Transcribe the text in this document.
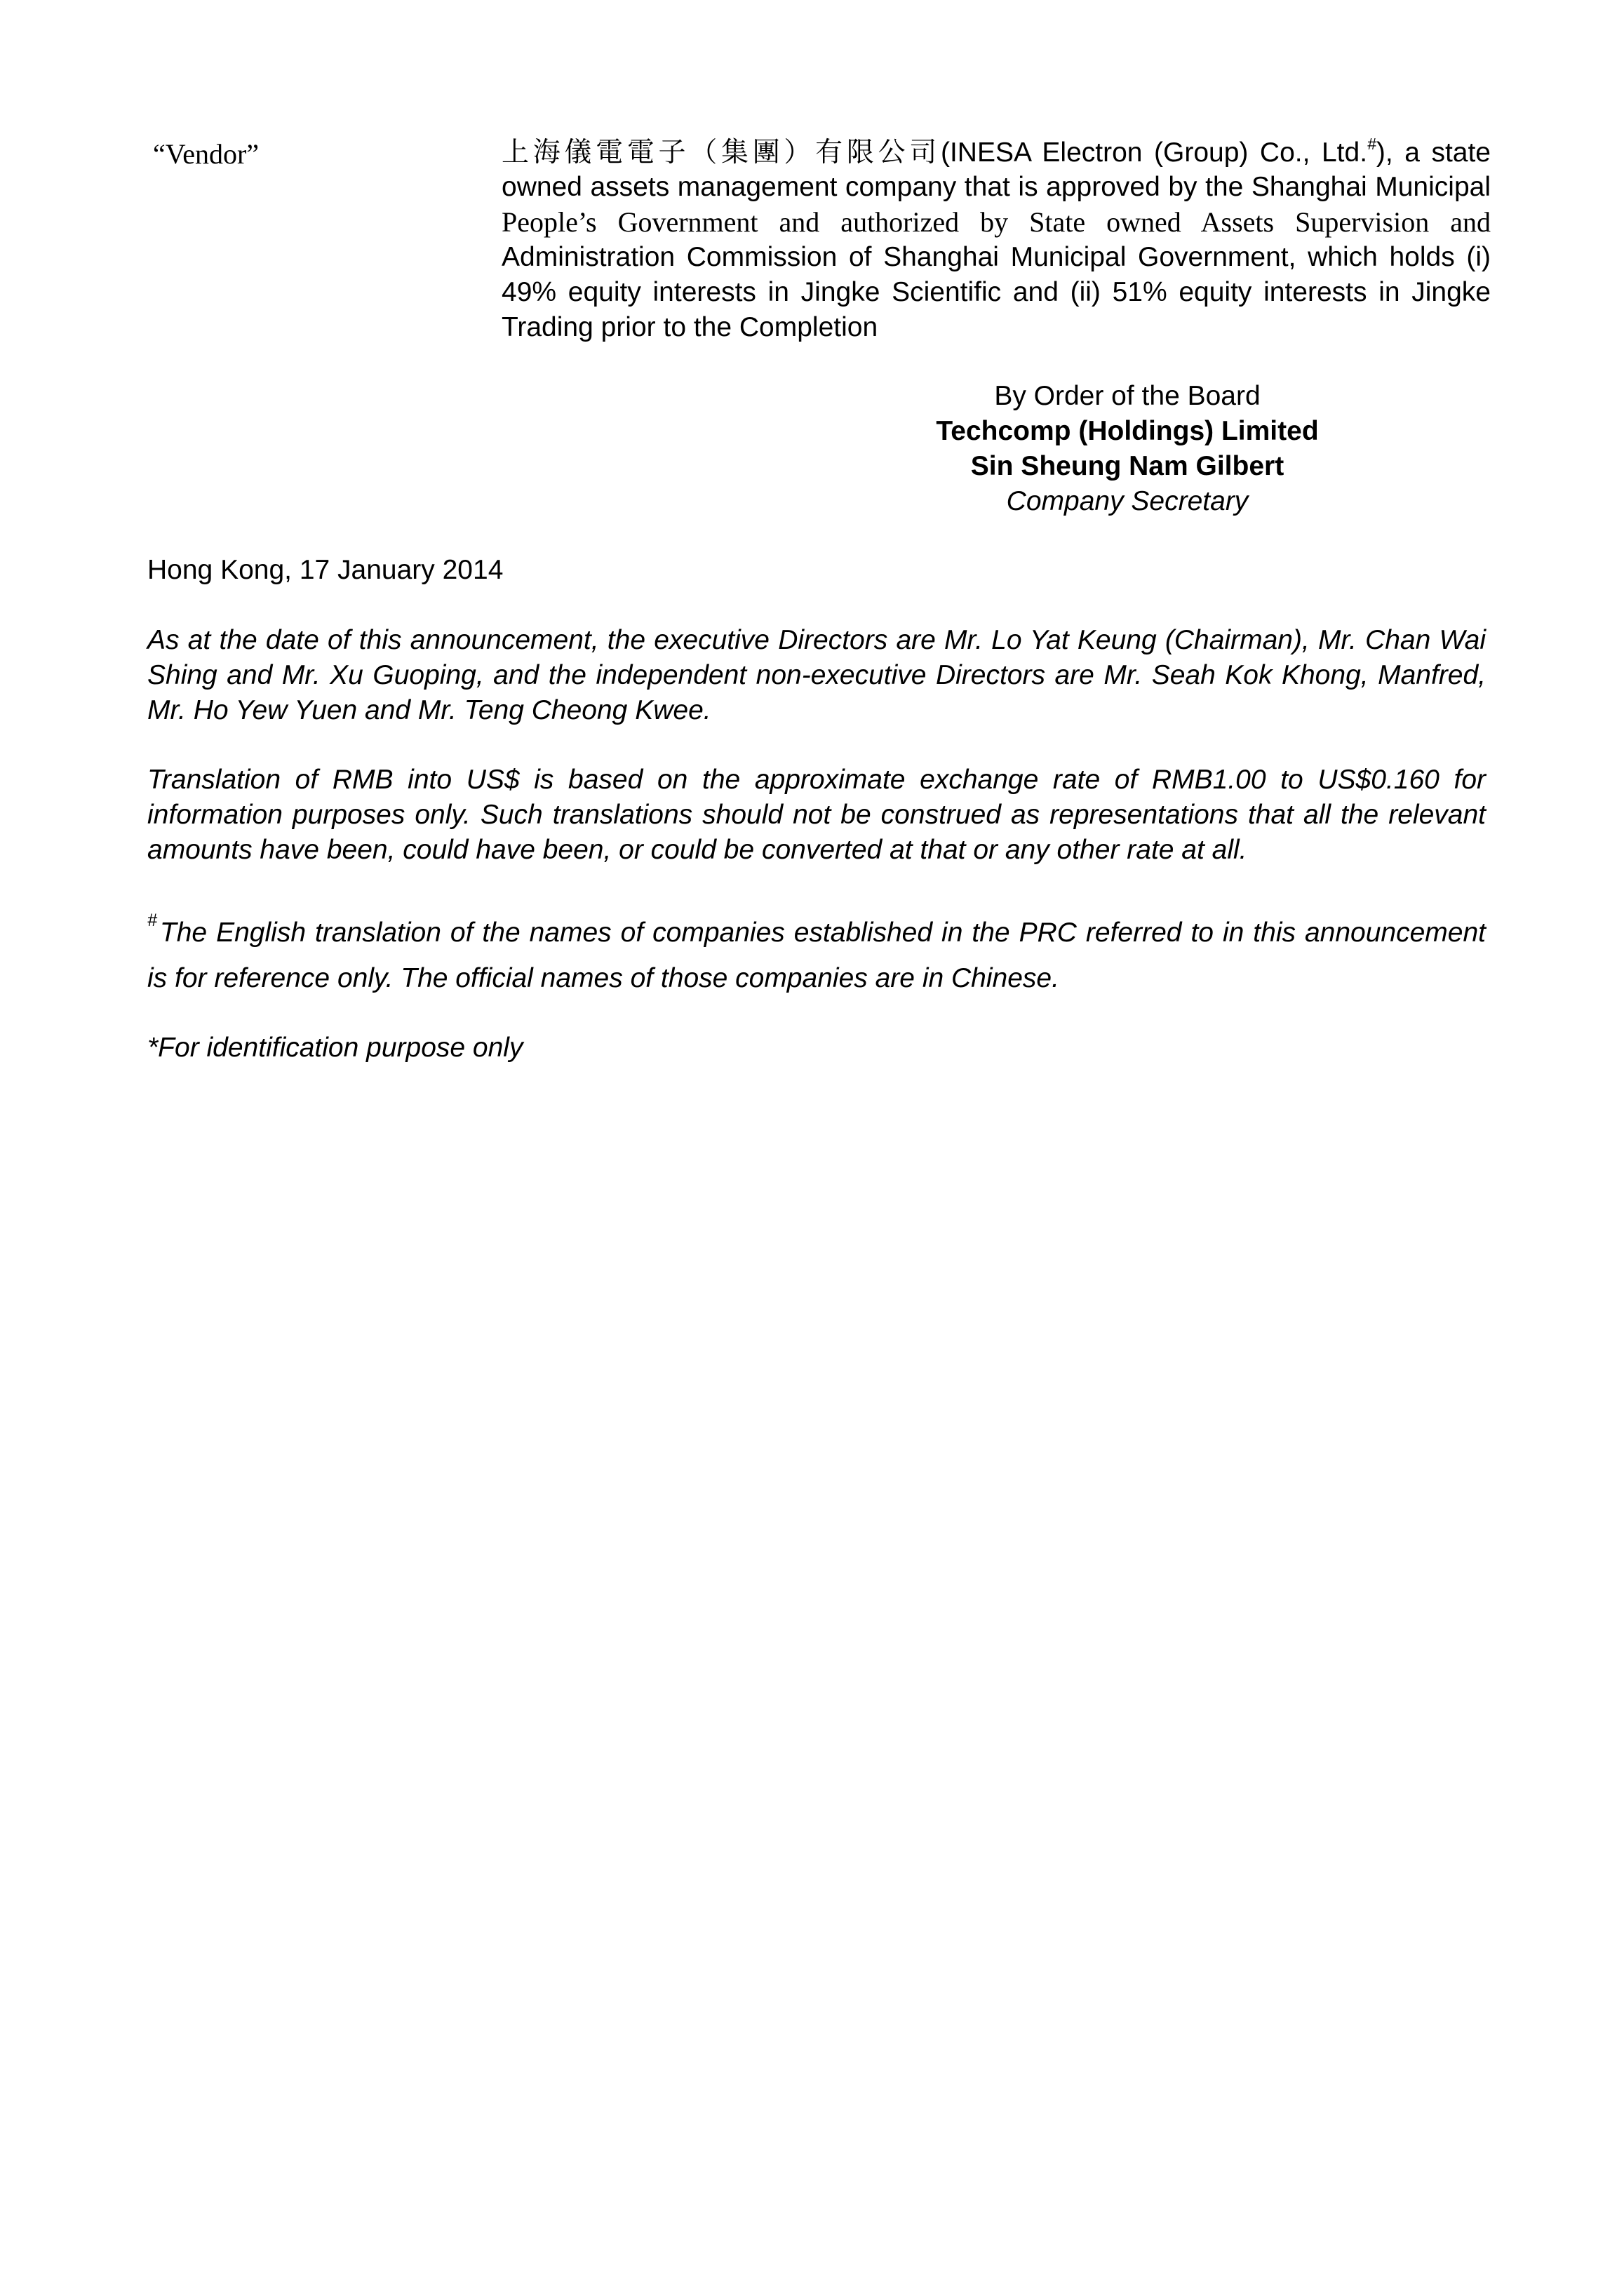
“Vendor”	上海儀電電子（集團）有限公司(INESA Electron (Group) Co., Ltd.#), a state
owned assets management company that is approved by the Shanghai Municipal
People’s Government and authorized by State owned Assets Supervision and
Administration Commission of Shanghai Municipal Government, which holds (i)
49% equity interests in Jingke Scientific and (ii) 51% equity interests in Jingke
Trading prior to the Completion
By Order of the Board
Techcomp (Holdings) Limited
Sin Sheung Nam Gilbert
Company Secretary
Hong Kong, 17 January 2014
As at the date of this announcement, the executive Directors are Mr. Lo Yat Keung (Chairman), Mr. Chan Wai
Shing and Mr. Xu Guoping, and the independent non-executive Directors are Mr. Seah Kok Khong, Manfred,
Mr. Ho Yew Yuen and Mr. Teng Cheong Kwee.
Translation of RMB into US$ is based on the approximate exchange rate of RMB1.00 to US$0.160 for
information purposes only. Such translations should not be construed as representations that all the relevant
amounts have been, could have been, or could be converted at that or any other rate at all.
# The English translation of the names of companies established in the PRC referred to in this announcement
is for reference only. The official names of those companies are in Chinese.
*For identification purpose only
